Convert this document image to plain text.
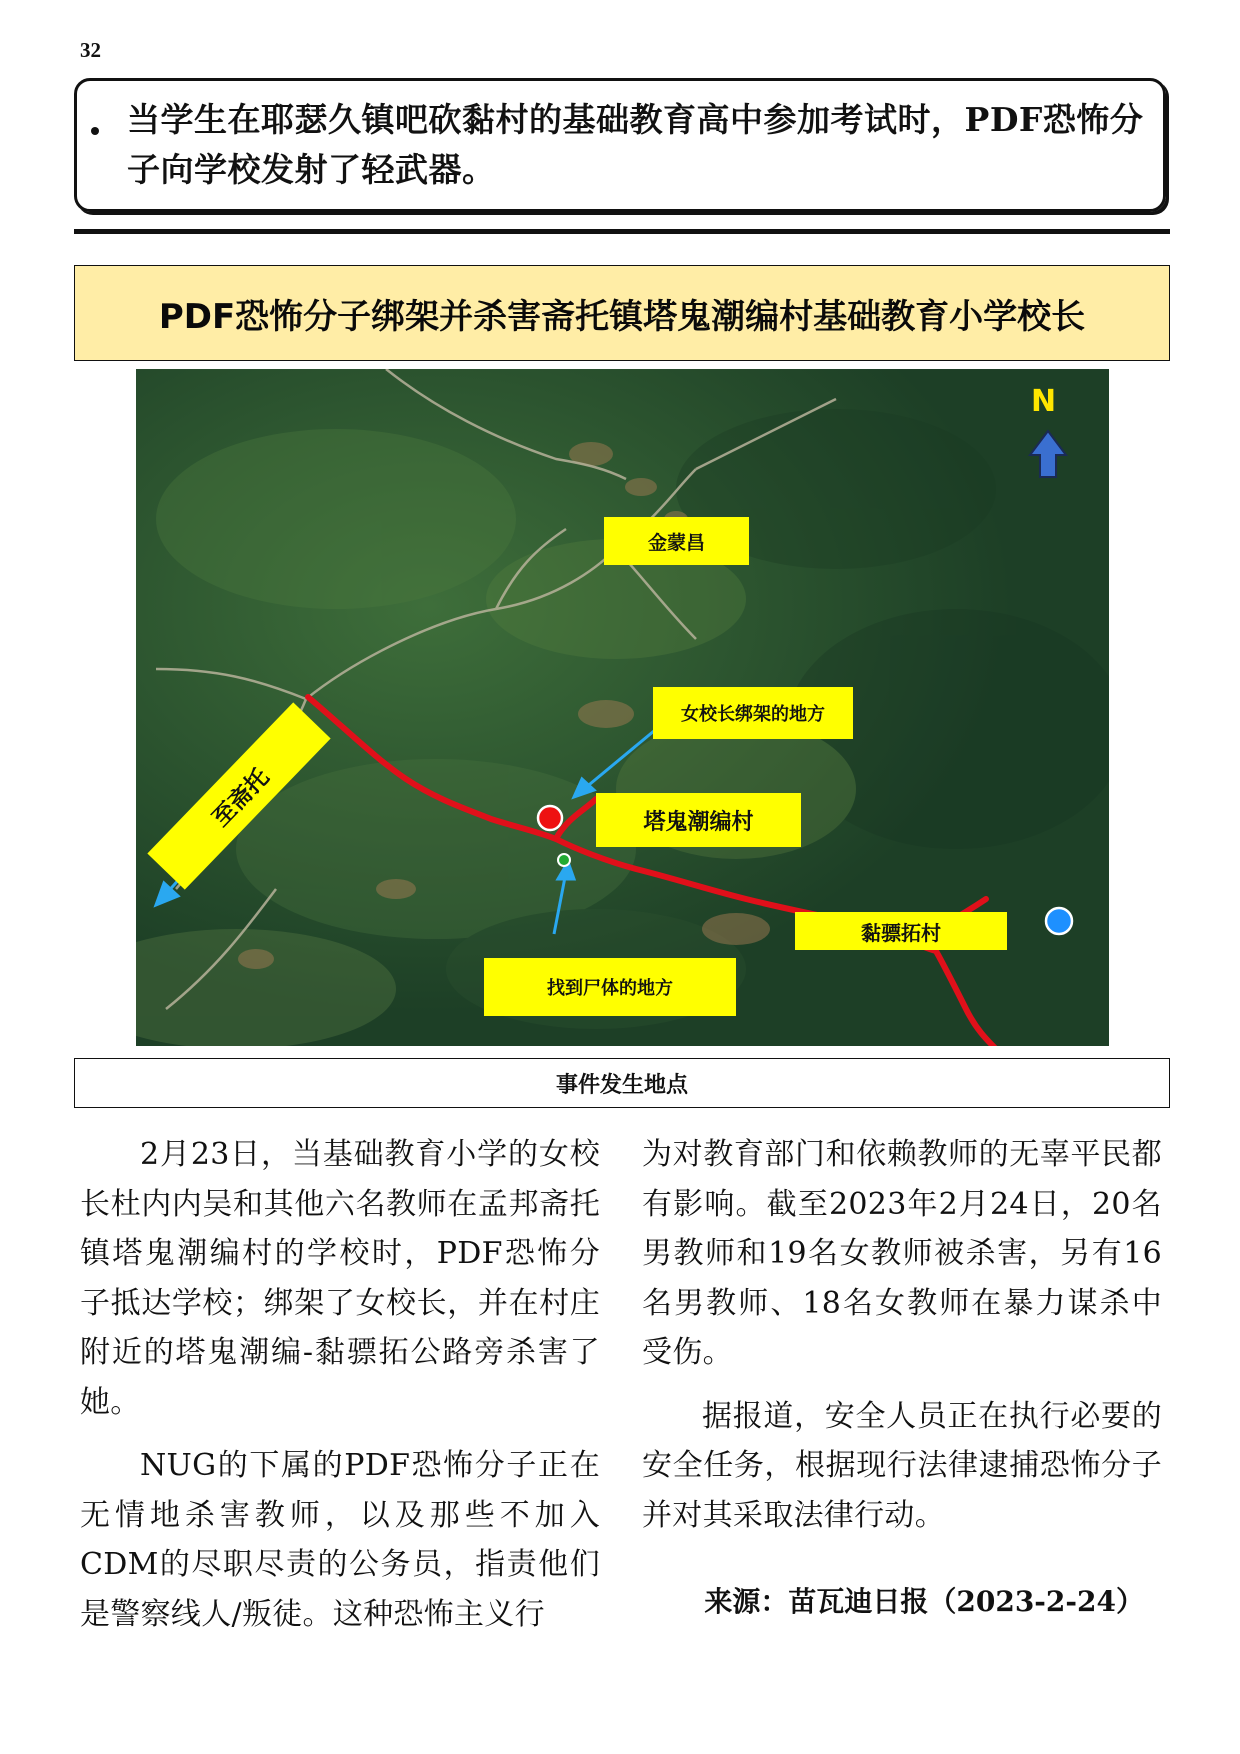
32
当学生在耶瑟久镇吧砍黏村的基础教育高中参加考试时，PDF恐怖分子向学校发射了轻武器。
PDF恐怖分子绑架并杀害斋托镇塔鬼潮编村基础教育小学校长
N
金蒙昌
至斋托
女校长绑架的地方
塔鬼潮编村
黏骠拓村
找到尸体的地方
事件发生地点

2月23日，当基础教育小学的女校长杜内内吴和其他六名教师在孟邦斋托镇塔鬼潮编村的学校时，PDF恐怖分子抵达学校；绑架了女校长，并在村庄附近的塔鬼潮编-黏骠拓公路旁杀害了她。

NUG的下属的PDF恐怖分子正在无情地杀害教师，以及那些不加入CDM的尽职尽责的公务员，指责他们是警察线人/叛徒。这种恐怖主义行

为对教育部门和依赖教师的无辜平民都有影响。截至2023年2月24日，20名男教师和19名女教师被杀害，另有16名男教师、18名女教师在暴力谋杀中受伤。

据报道，安全人员正在执行必要的安全任务，根据现行法律逮捕恐怖分子并对其采取法律行动。

来源：苗瓦迪日报（2023-2-24）
